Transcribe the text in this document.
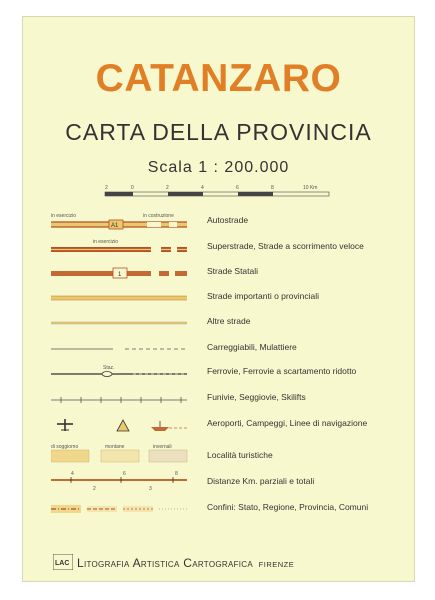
CATANZARO
CARTA DELLA PROVINCIA
Scala 1 : 200.000
2	0	2	4	6	8	10 Km
in esercizio	in costruzione
A1
Autostrade
in esercizio	Superstrade, Strade a scorrimento veloce
1	Strade Statali
Strade importanti o provinciali
Altre strade
Carreggiabili, Mulattiere
Staz.	Ferrovie, Ferrovie a scartamento ridotto
Funivie, Seggiovie, Skilifts
Aeroporti, Campeggi, Linee di navigazione
di soggiorno	montane	invernali
Località turistiche
4	6	8
2	3
Distanze Km. parziali e totali
Confini: Stato, Regione, Provincia, Comuni
LAC Litografia Artistica Cartografica FIRENZE
